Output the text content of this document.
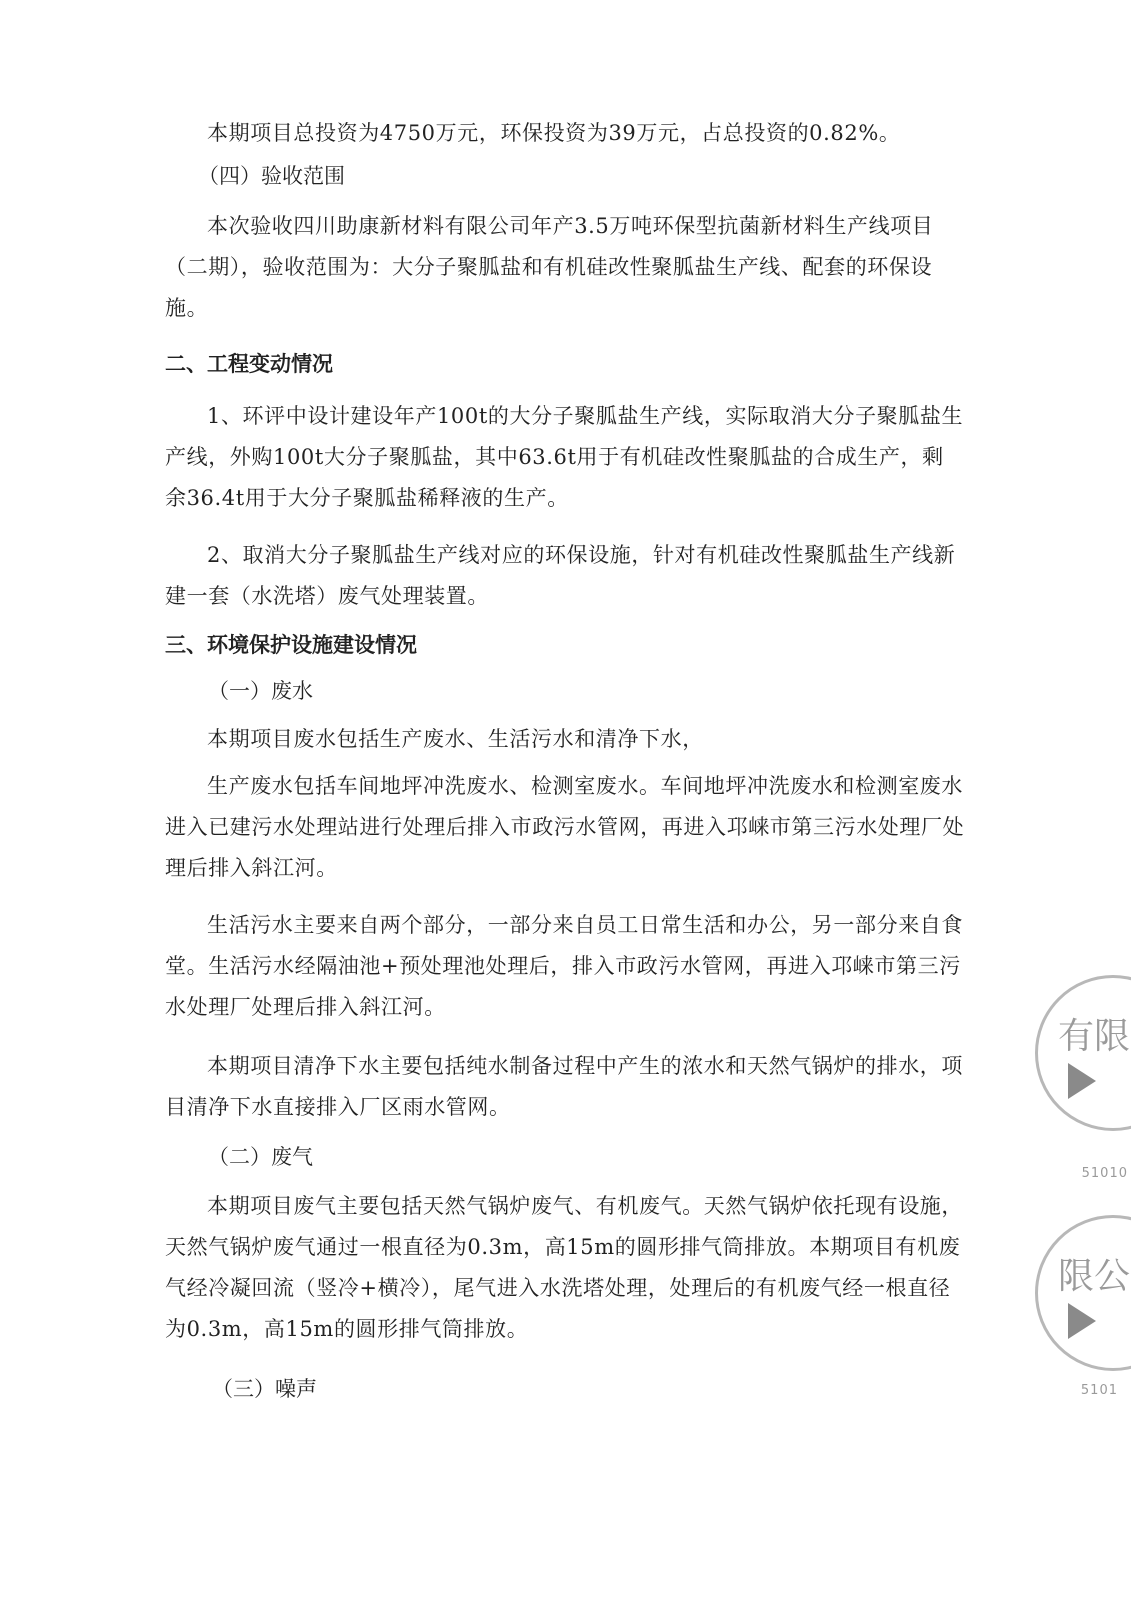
本期项目总投资为4750万元，环保投资为39万元，占总投资的0.82%。

（四）验收范围

本次验收四川助康新材料有限公司年产3.5万吨环保型抗菌新材料生产线项目（二期），验收范围为：大分子聚胍盐和有机硅改性聚胍盐生产线、配套的环保设施。

二、工程变动情况

1、环评中设计建设年产100t的大分子聚胍盐生产线，实际取消大分子聚胍盐生产线，外购100t大分子聚胍盐，其中63.6t用于有机硅改性聚胍盐的合成生产，剩余36.4t用于大分子聚胍盐稀释液的生产。

2、取消大分子聚胍盐生产线对应的环保设施，针对有机硅改性聚胍盐生产线新建一套（水洗塔）废气处理装置。

三、环境保护设施建设情况

（一）废水

本期项目废水包括生产废水、生活污水和清净下水，

生产废水包括车间地坪冲洗废水、检测室废水。车间地坪冲洗废水和检测室废水进入已建污水处理站进行处理后排入市政污水管网，再进入邛崃市第三污水处理厂处理后排入斜江河。

生活污水主要来自两个部分，一部分来自员工日常生活和办公，另一部分来自食堂。生活污水经隔油池+预处理池处理后，排入市政污水管网，再进入邛崃市第三污水处理厂处理后排入斜江河。

本期项目清净下水主要包括纯水制备过程中产生的浓水和天然气锅炉的排水，项目清净下水直接排入厂区雨水管网。

（二）废气

本期项目废气主要包括天然气锅炉废气、有机废气。天然气锅炉依托现有设施，天然气锅炉废气通过一根直径为0.3m，高15m的圆形排气筒排放。本期项目有机废气经冷凝回流（竖冷+横冷），尾气进入水洗塔处理，处理后的有机废气经一根直径为0.3m，高15m的圆形排气筒排放。

（三）噪声

有限
51010
限公
5101
